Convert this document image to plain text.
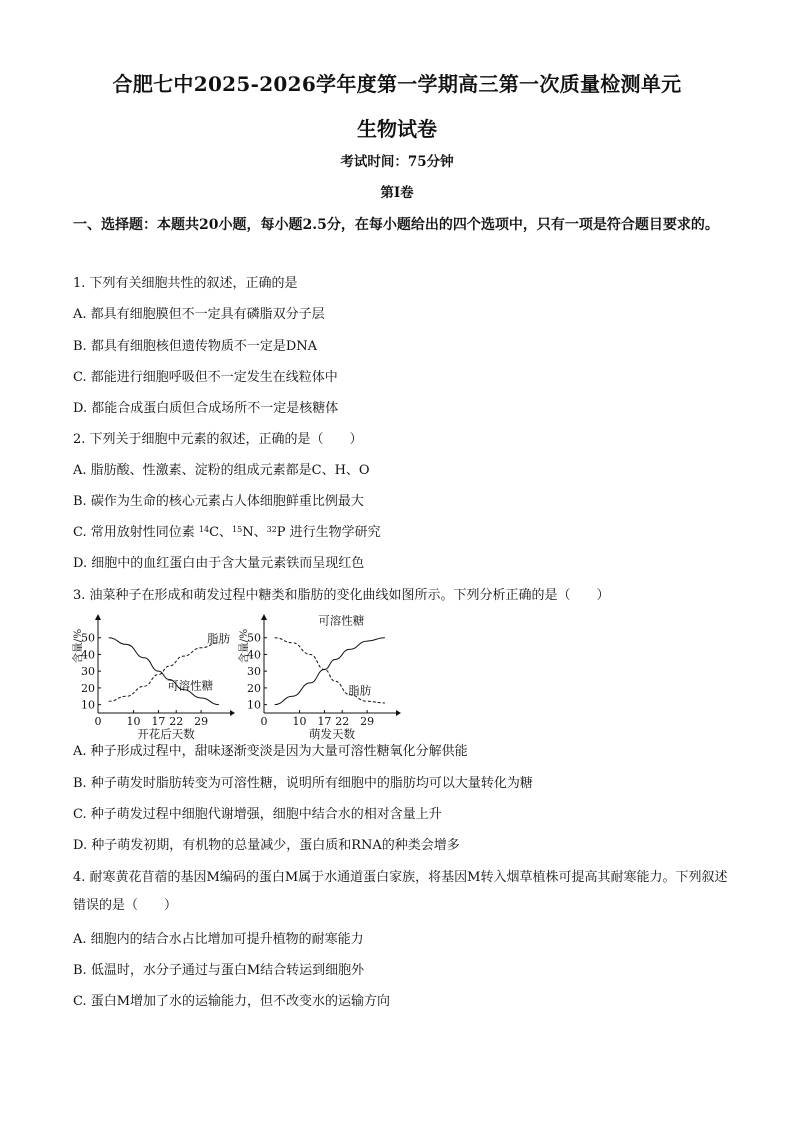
合肥七中2025-2026学年度第一学期高三第一次质量检测单元
生物试卷
考试时间：75分钟
第I卷
一、选择题：本题共20小题，每小题2.5分，在每小题给出的四个选项中，只有一项是符合题目要求的。
1. 下列有关细胞共性的叙述，正确的是
A. 都具有细胞膜但不一定具有磷脂双分子层
B. 都具有细胞核但遗传物质不一定是DNA
C. 都能进行细胞呼吸但不一定发生在线粒体中
D. 都能合成蛋白质但合成场所不一定是核糖体
2. 下列关于细胞中元素的叙述，正确的是（　　）
A. 脂肪酸、性激素、淀粉的组成元素都是C、H、O
B. 碳作为生命的核心元素占人体细胞鲜重比例最大
C. 常用放射性同位素 $^{14}$C、$^{15}$N、$^{32}$P 进行生物学研究
D. 细胞中的血红蛋白由于含大量元素铁而呈现红色
3. 油菜种子在形成和萌发过程中糖类和脂肪的变化曲线如图所示。下列分析正确的是（　　）
10
20
30
40
50
0 10 17 22 29
含量/%
开花后天数
脂肪
可溶性糖
10
20
30
40
50
0 10 17 22 29
含量/%
萌发天数
可溶性糖
脂肪
A. 种子形成过程中，甜味逐渐变淡是因为大量可溶性糖氧化分解供能
B. 种子萌发时脂肪转变为可溶性糖，说明所有细胞中的脂肪均可以大量转化为糖
C. 种子萌发过程中细胞代谢增强，细胞中结合水的相对含量上升
D. 种子萌发初期，有机物的总量减少，蛋白质和RNA的种类会增多
4. 耐寒黄花苜蓿的基因M编码的蛋白M属于水通道蛋白家族，将基因M转入烟草植株可提高其耐寒能力。下列叙述错误的是（　　）
A. 细胞内的结合水占比增加可提升植物的耐寒能力
B. 低温时，水分子通过与蛋白M结合转运到细胞外
C. 蛋白M增加了水的运输能力，但不改变水的运输方向
